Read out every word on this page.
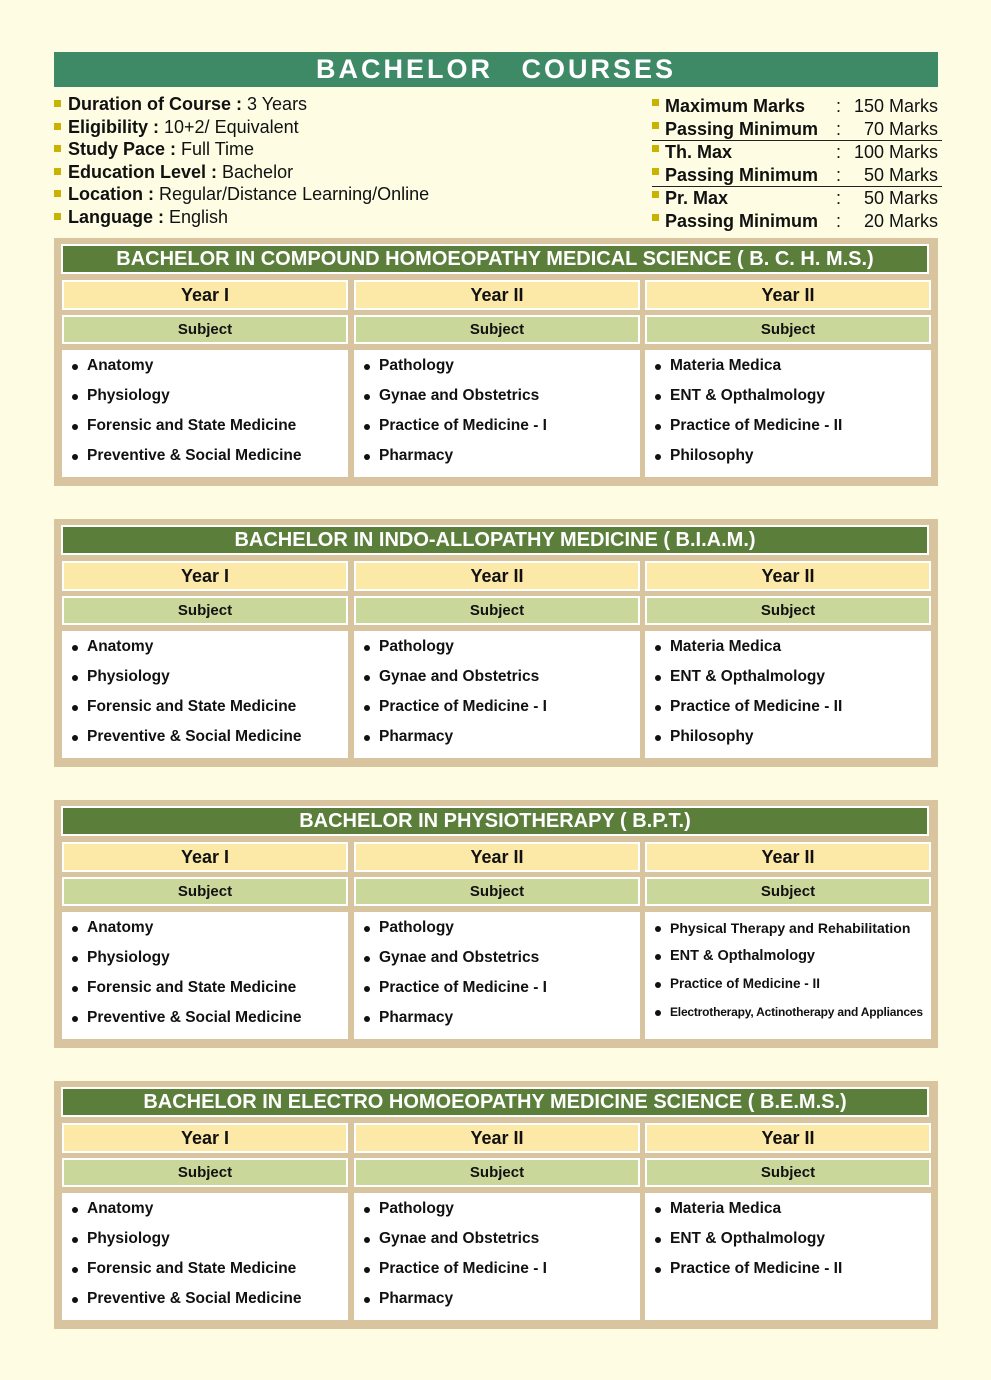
BACHELOR COURSES
Duration of Course : 3 Years
Eligibility : 10+2/ Equivalent
Study Pace : Full Time
Education Level : Bachelor
Location : Regular/Distance Learning/Online
Language : English
Maximum Marks : 150 Marks
Passing Minimum : 70 Marks
Th. Max	: 100 Marks
Passing Minimum : 50 Marks
Pr. Max	: 50 Marks
Passing Minimum : 20 Marks
BACHELOR IN COMPOUND HOMOEOPATHY MEDICAL SCIENCE ( B. C. H. M.S.)
Year I
Subject
Anatomy
Physiology
Forensic and State Medicine
Preventive & Social Medicine
Year II
Subject
Pathology
Gynae and Obstetrics
Practice of Medicine - I
Pharmacy
Year II
Subject
Materia Medica
ENT & Opthalmology
Practice of Medicine - II
Philosophy
BACHELOR IN INDO-ALLOPATHY MEDICINE ( B.I.A.M.)
Year I
Subject
Anatomy
Physiology
Forensic and State Medicine
Preventive & Social Medicine
Year II
Subject
Pathology
Gynae and Obstetrics
Practice of Medicine - I
Pharmacy
Year II
Subject
Materia Medica
ENT & Opthalmology
Practice of Medicine - II
Philosophy
BACHELOR IN PHYSIOTHERAPY ( B.P.T.)
Year I
Subject
Anatomy
Physiology
Forensic and State Medicine
Preventive & Social Medicine
Year II
Subject
Pathology
Gynae and Obstetrics
Practice of Medicine - I
Pharmacy
Year II
Subject
Physical Therapy and Rehabilitation
ENT & Opthalmology
Practice of Medicine - II
Electrotherapy, Actinotherapy and Appliances
BACHELOR IN ELECTRO HOMOEOPATHY MEDICINE SCIENCE ( B.E.M.S.)
Year I
Subject
Anatomy
Physiology
Forensic and State Medicine
Preventive & Social Medicine
Year II
Subject
Pathology
Gynae and Obstetrics
Practice of Medicine - I
Pharmacy
Year II
Subject
Materia Medica
ENT & Opthalmology
Practice of Medicine - II
